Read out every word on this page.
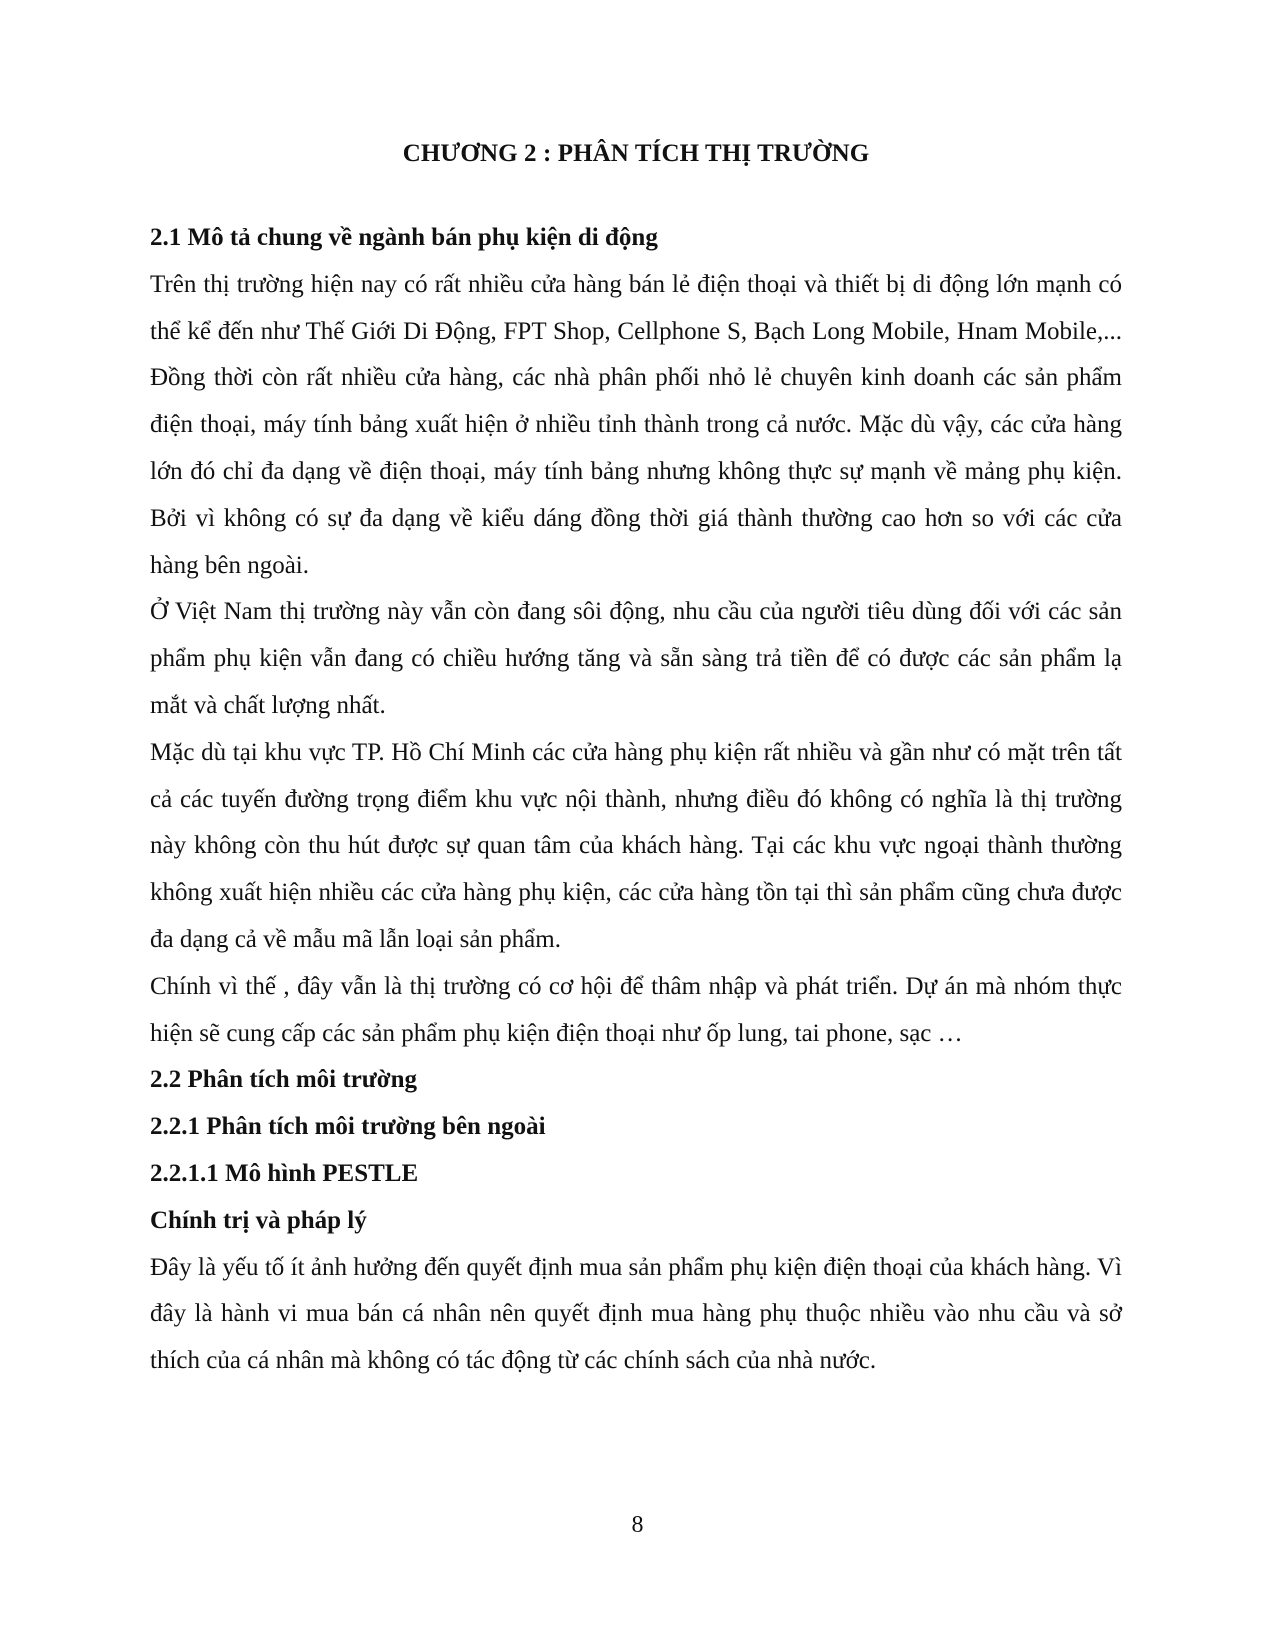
CHƯƠNG 2 : PHÂN TÍCH THỊ TRƯỜNG
2.1 Mô tả chung về ngành bán phụ kiện di động

Trên thị trường hiện nay có rất nhiều cửa hàng bán lẻ điện thoại và thiết bị di động lớn mạnh có thể kể đến như Thế Giới Di Động, FPT Shop, Cellphone S, Bạch Long Mobile, Hnam Mobile,... Đồng thời còn rất nhiều cửa hàng, các nhà phân phối nhỏ lẻ chuyên kinh doanh các sản phẩm điện thoại, máy tính bảng xuất hiện ở nhiều tỉnh thành trong cả nước. Mặc dù vậy, các cửa hàng lớn đó chỉ đa dạng về điện thoại, máy tính bảng nhưng không thực sự mạnh về mảng phụ kiện. Bởi vì không có sự đa dạng về kiểu dáng đồng thời giá thành thường cao hơn so với các cửa hàng bên ngoài.

Ở Việt Nam thị trường này vẫn còn đang sôi động, nhu cầu của người tiêu dùng đối với các sản phẩm phụ kiện vẫn đang có chiều hướng tăng và sẵn sàng trả tiền để có được các sản phẩm lạ mắt và chất lượng nhất.

Mặc dù tại khu vực TP. Hồ Chí Minh các cửa hàng phụ kiện rất nhiều và gần như có mặt trên tất cả các tuyến đường trọng điểm khu vực nội thành, nhưng điều đó không có nghĩa là thị trường này không còn thu hút được sự quan tâm của khách hàng. Tại các khu vực ngoại thành thường không xuất hiện nhiều các cửa hàng phụ kiện, các cửa hàng tồn tại thì sản phẩm cũng chưa được đa dạng cả về mẫu mã lẫn loại sản phẩm.

Chính vì thế , đây vẫn là thị trường có cơ hội để thâm nhập và phát triển. Dự án mà nhóm thực hiện sẽ cung cấp các sản phẩm phụ kiện điện thoại như ốp lung, tai phone, sạc …

2.2 Phân tích môi trường
2.2.1 Phân tích môi trường bên ngoài
2.2.1.1 Mô hình PESTLE
Chính trị và pháp lý

Đây là yếu tố ít ảnh hưởng đến quyết định mua sản phẩm phụ kiện điện thoại của khách hàng. Vì đây là hành vi mua bán cá nhân nên quyết định mua hàng phụ thuộc nhiều vào nhu cầu và sở thích của cá nhân mà không có tác động từ các chính sách của nhà nước.

8
